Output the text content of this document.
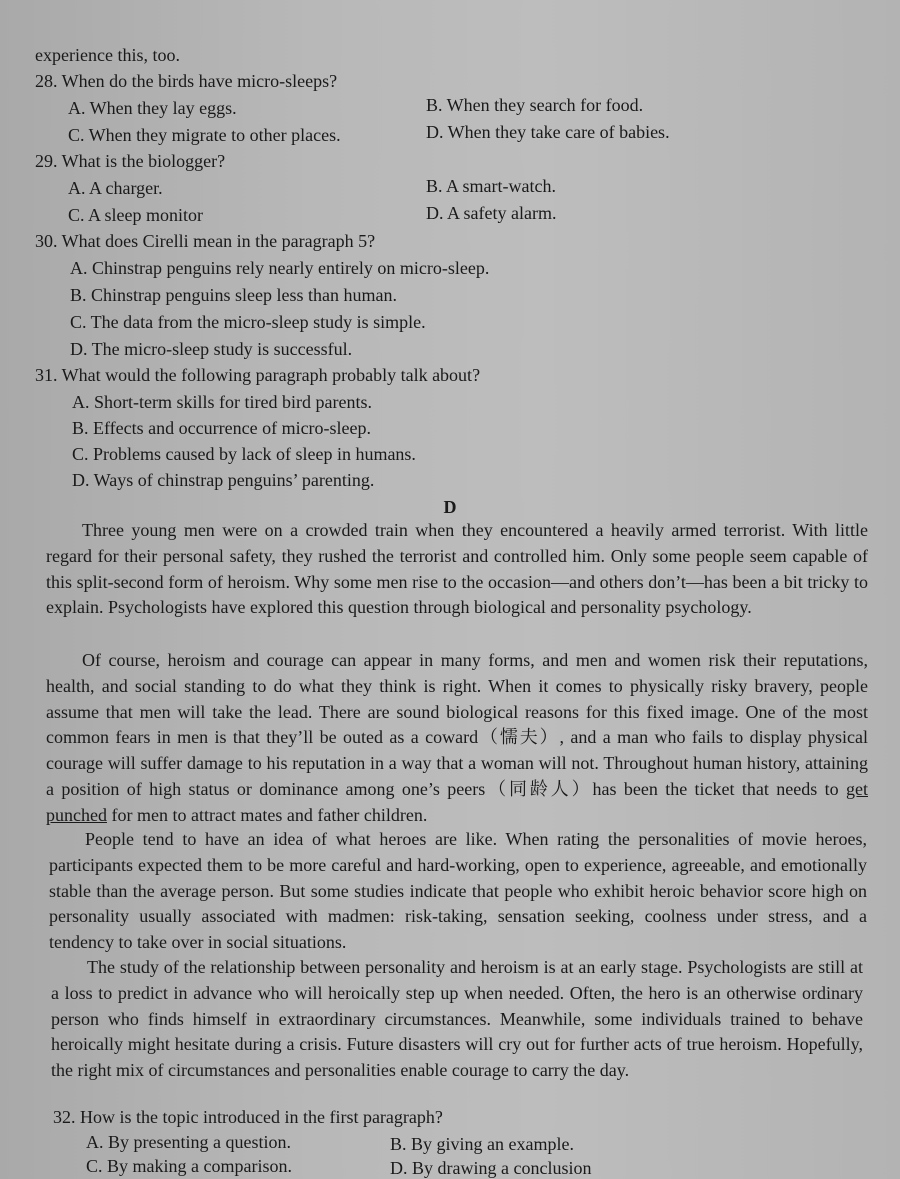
experience this, too.
28. When do the birds have micro-sleeps?
A. When they lay eggs.	B. When they search for food.
C. When they migrate to other places.	D. When they take care of babies.
29. What is the biologger?
A. A charger.	B. A smart-watch.
C. A sleep monitor	D. A safety alarm.
30. What does Cirelli mean in the paragraph 5?
A. Chinstrap penguins rely nearly entirely on micro-sleep.
B. Chinstrap penguins sleep less than human.
C. The data from the micro-sleep study is simple.
D. The micro-sleep study is successful.
31. What would the following paragraph probably talk about?
A. Short-term skills for tired bird parents.
B. Effects and occurrence of micro-sleep.
C. Problems caused by lack of sleep in humans.
D. Ways of chinstrap penguins’ parenting.
D
Three young men were on a crowded train when they encountered a heavily armed terrorist. With little regard for their personal safety, they rushed the terrorist and controlled him. Only some people seem capable of this split-second form of heroism. Why some men rise to the occasion—and others don’t—has been a bit tricky to explain. Psychologists have explored this question through biological and personality psychology.
Of course, heroism and courage can appear in many forms, and men and women risk their reputations, health, and social standing to do what they think is right. When it comes to physically risky bravery, people assume that men will take the lead. There are sound biological reasons for this fixed image. One of the most common fears in men is that they’ll be outed as a coward（懦夫）, and a man who fails to display physical courage will suffer damage to his reputation in a way that a woman will not. Throughout human history, attaining a position of high status or dominance among one’s peers（同龄人）has been the ticket that needs to get punched for men to attract mates and father children.
People tend to have an idea of what heroes are like. When rating the personalities of movie heroes, participants expected them to be more careful and hard-working, open to experience, agreeable, and emotionally stable than the average person. But some studies indicate that people who exhibit heroic behavior score high on personality usually associated with madmen: risk-taking, sensation seeking, coolness under stress, and a tendency to take over in social situations.
The study of the relationship between personality and heroism is at an early stage. Psychologists are still at a loss to predict in advance who will heroically step up when needed. Often, the hero is an otherwise ordinary person who finds himself in extraordinary circumstances. Meanwhile, some individuals trained to behave heroically might hesitate during a crisis. Future disasters will cry out for further acts of true heroism. Hopefully, the right mix of circumstances and personalities enable courage to carry the day.
32. How is the topic introduced in the first paragraph?
A. By presenting a question.	B. By giving an example.
C. By making a comparison.	D. By drawing a conclusion
